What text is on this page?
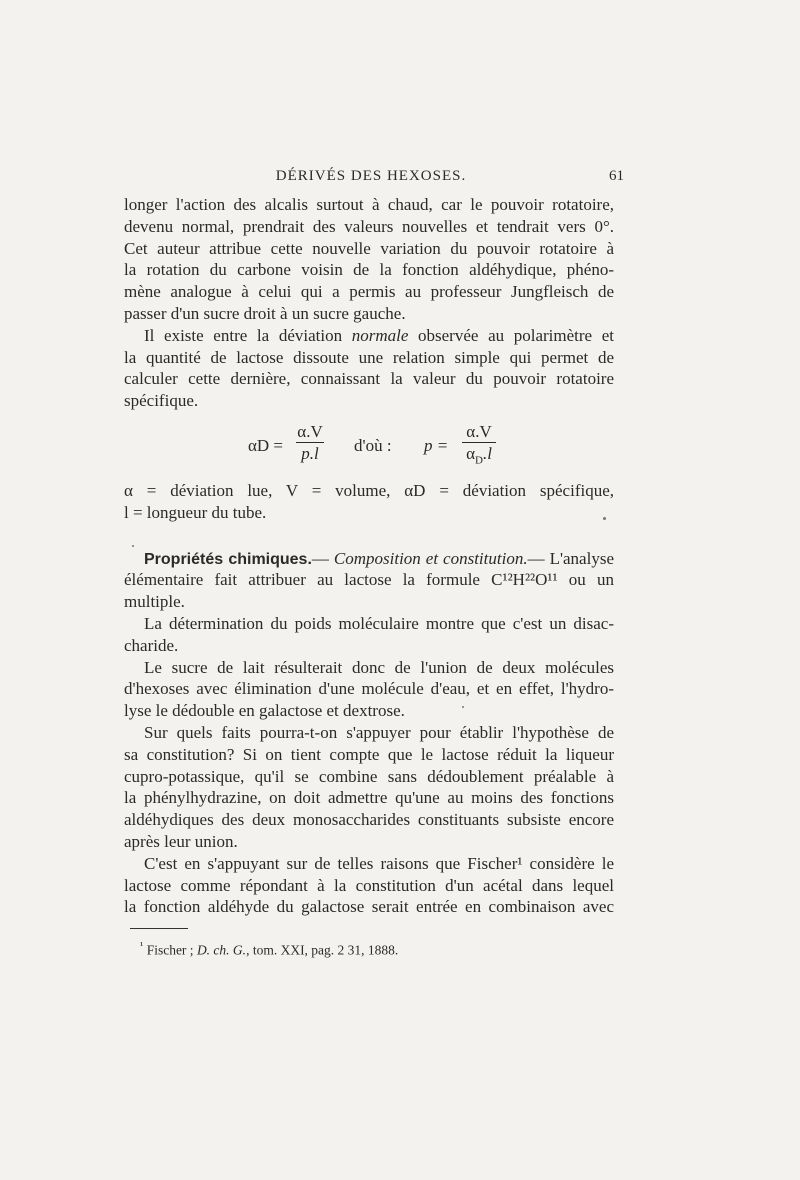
DÉRIVÉS DES HEXOSES.	61
longer l'action des alcalis surtout à chaud, car le pouvoir rotatoire,
devenu normal, prendrait des valeurs nouvelles et tendrait vers 0°.
Cet auteur attribue cette nouvelle variation du pouvoir rotatoire à
la rotation du carbone voisin de la fonction aldéhydique, phéno-
mène analogue à celui qui a permis au professeur Jungfleisch de
passer d'un sucre droit à un sucre gauche.
Il existe entre la déviation normale observée au polarimètre et
la quantité de lactose dissoute une relation simple qui permet de
calculer cette dernière, connaissant la valeur du pouvoir rotatoire
spécifique.
$\alpha D = \frac{\alpha.V}{p.l}$ d'où : $p = \frac{\alpha.V}{\alpha_D.l}$
α = déviation lue, V = volume, αD = déviation spécifique,
l = longueur du tube.
Propriétés chimiques.— Composition et constitution.— L'analyse
élémentaire fait attribuer au lactose la formule C¹²H²²O¹¹ ou un
multiple.
La détermination du poids moléculaire montre que c'est un disac-
charide.
Le sucre de lait résulterait donc de l'union de deux molécules
d'hexoses avec élimination d'une molécule d'eau, et en effet, l'hydro-
lyse le dédouble en galactose et dextrose.
Sur quels faits pourra-t-on s'appuyer pour établir l'hypothèse de
sa constitution? Si on tient compte que le lactose réduit la liqueur
cupro-potassique, qu'il se combine sans dédoublement préalable à
la phénylhydrazine, on doit admettre qu'une au moins des fonctions
aldéhydiques des deux monosaccharides constituants subsiste encore
après leur union.
C'est en s'appuyant sur de telles raisons que Fischer¹ considère le
lactose comme répondant à la constitution d'un acétal dans lequel
la fonction aldéhyde du galactose serait entrée en combinaison avec
$^{^1}$ Fischer ; D. ch. G., tom. XXI, pag. 2 31, 1888.
